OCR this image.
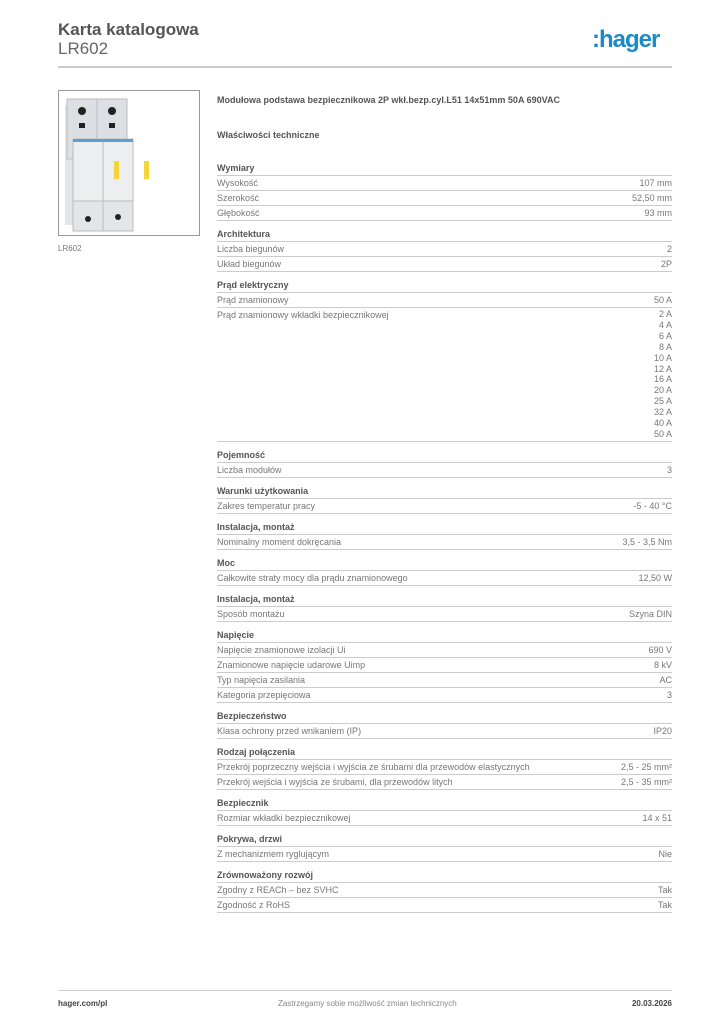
Karta katalogowa
LR602	:hager
LR602
Modułowa podstawa bezpiecznikowa 2P wkł.bezp.cyl.L51 14x51mm 50A 690VAC
Właściwości techniczne
Wymiary
Wysokość	107 mm
Szerokość	52,50 mm
Głębokość	93 mm
Architektura
Liczba biegunów	2
Układ biegunów	2P
Prąd elektryczny
Prąd znamionowy	50 A
Prąd znamionowy wkładki bezpiecznikowej	2 A
4 A
6 A
8 A
10 A
12 A
16 A
20 A
25 A
32 A
40 A
50 A
Pojemność
Liczba modułów	3
Warunki użytkowania
Zakres temperatur pracy	-5 - 40 °C
Instalacja, montaż
Nominalny moment dokręcania	3,5 - 3,5 Nm
Moc
Całkowite straty mocy dla prądu znamionowego	12,50 W
Instalacja, montaż
Sposób montażu	Szyna DIN
Napięcie
Napięcie znamionowe izolacji Ui	690 V
Znamionowe napięcie udarowe Uimp	8 kV
Typ napięcia zasilania	AC
Kategoria przepięciowa	3
Bezpieczeństwo
Klasa ochrony przed wnikaniem (IP)	IP20
Rodzaj połączenia
Przekrój poprzeczny wejścia i wyjścia ze śrubami dla przewodów elastycznych	2,5 - 25 mm²
Przekrój wejścia i wyjścia ze śrubami, dla przewodów litych	2,5 - 35 mm²
Bezpiecznik
Rozmiar wkładki bezpiecznikowej	14 x 51
Pokrywa, drzwi
Z mechanizmem ryglującym	Nie
Zrównoważony rozwój
Zgodny z REACh – bez SVHC	Tak
Zgodność z RoHS	Tak
hager.com/pl	Zastrzegamy sobie możliwość zmian technicznych	20.03.2026
